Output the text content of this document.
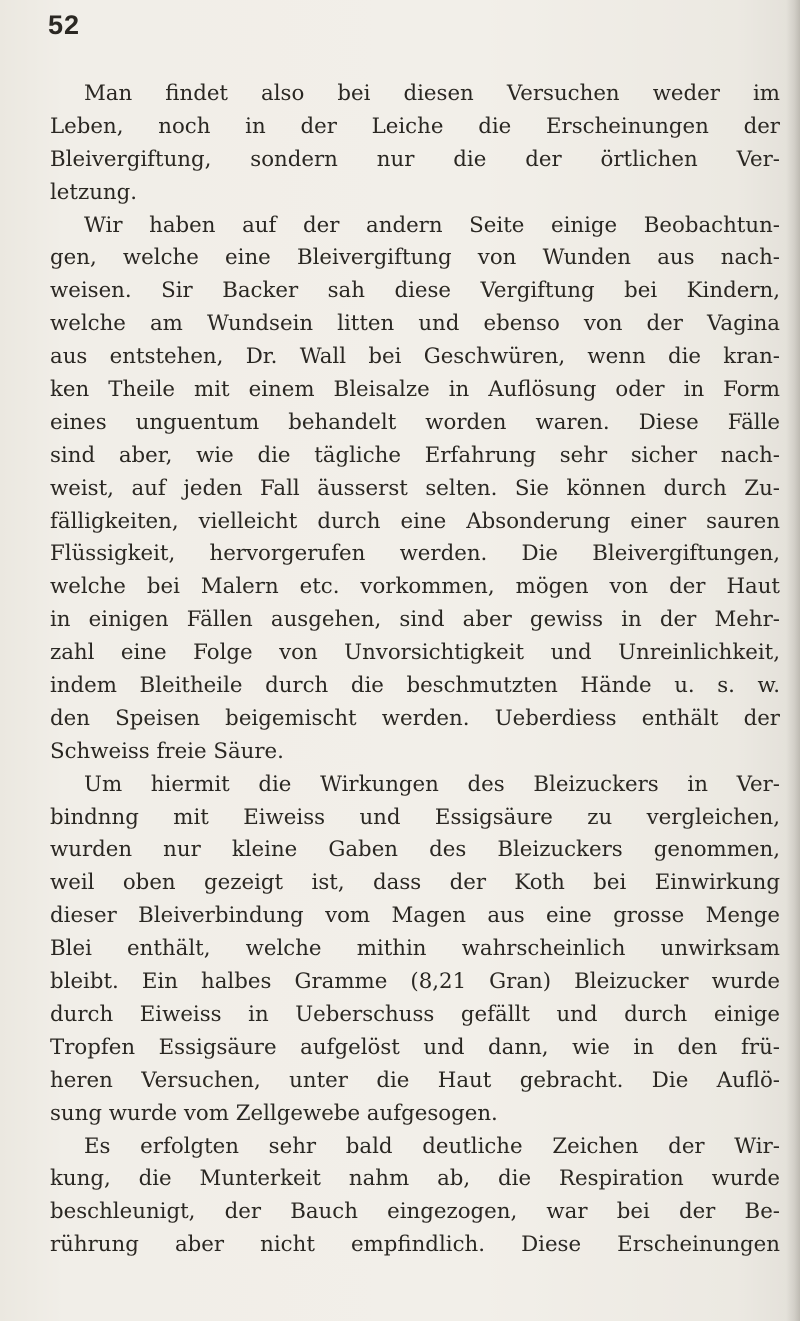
52
Man findet also bei diesen Versuchen weder im
Leben, noch in der Leiche die Erscheinungen der
Bleivergiftung, sondern nur die der örtlichen Ver-
letzung.
Wir haben auf der andern Seite einige Beobachtun-
gen, welche eine Bleivergiftung von Wunden aus nach-
weisen. Sir Backer sah diese Vergiftung bei Kindern,
welche am Wundsein litten und ebenso von der Vagina
aus entstehen, Dr. Wall bei Geschwüren, wenn die kran-
ken Theile mit einem Bleisalze in Auflösung oder in Form
eines unguentum behandelt worden waren. Diese Fälle
sind aber, wie die tägliche Erfahrung sehr sicher nach-
weist, auf jeden Fall äusserst selten. Sie können durch Zu-
fälligkeiten, vielleicht durch eine Absonderung einer sauren
Flüssigkeit, hervorgerufen werden. Die Bleivergiftungen,
welche bei Malern etc. vorkommen, mögen von der Haut
in einigen Fällen ausgehen, sind aber gewiss in der Mehr-
zahl eine Folge von Unvorsichtigkeit und Unreinlichkeit,
indem Bleitheile durch die beschmutzten Hände u. s. w.
den Speisen beigemischt werden. Ueberdiess enthält der
Schweiss freie Säure.
Um hiermit die Wirkungen des Bleizuckers in Ver-
bindnng mit Eiweiss und Essigsäure zu vergleichen,
wurden nur kleine Gaben des Bleizuckers genommen,
weil oben gezeigt ist, dass der Koth bei Einwirkung
dieser Bleiverbindung vom Magen aus eine grosse Menge
Blei enthält, welche mithin wahrscheinlich unwirksam
bleibt. Ein halbes Gramme (8,21 Gran) Bleizucker wurde
durch Eiweiss in Ueberschuss gefällt und durch einige
Tropfen Essigsäure aufgelöst und dann, wie in den frü-
heren Versuchen, unter die Haut gebracht. Die Auflö-
sung wurde vom Zellgewebe aufgesogen.
Es erfolgten sehr bald deutliche Zeichen der Wir-
kung, die Munterkeit nahm ab, die Respiration wurde
beschleunigt, der Bauch eingezogen, war bei der Be-
rührung aber nicht empfindlich. Diese Erscheinungen
